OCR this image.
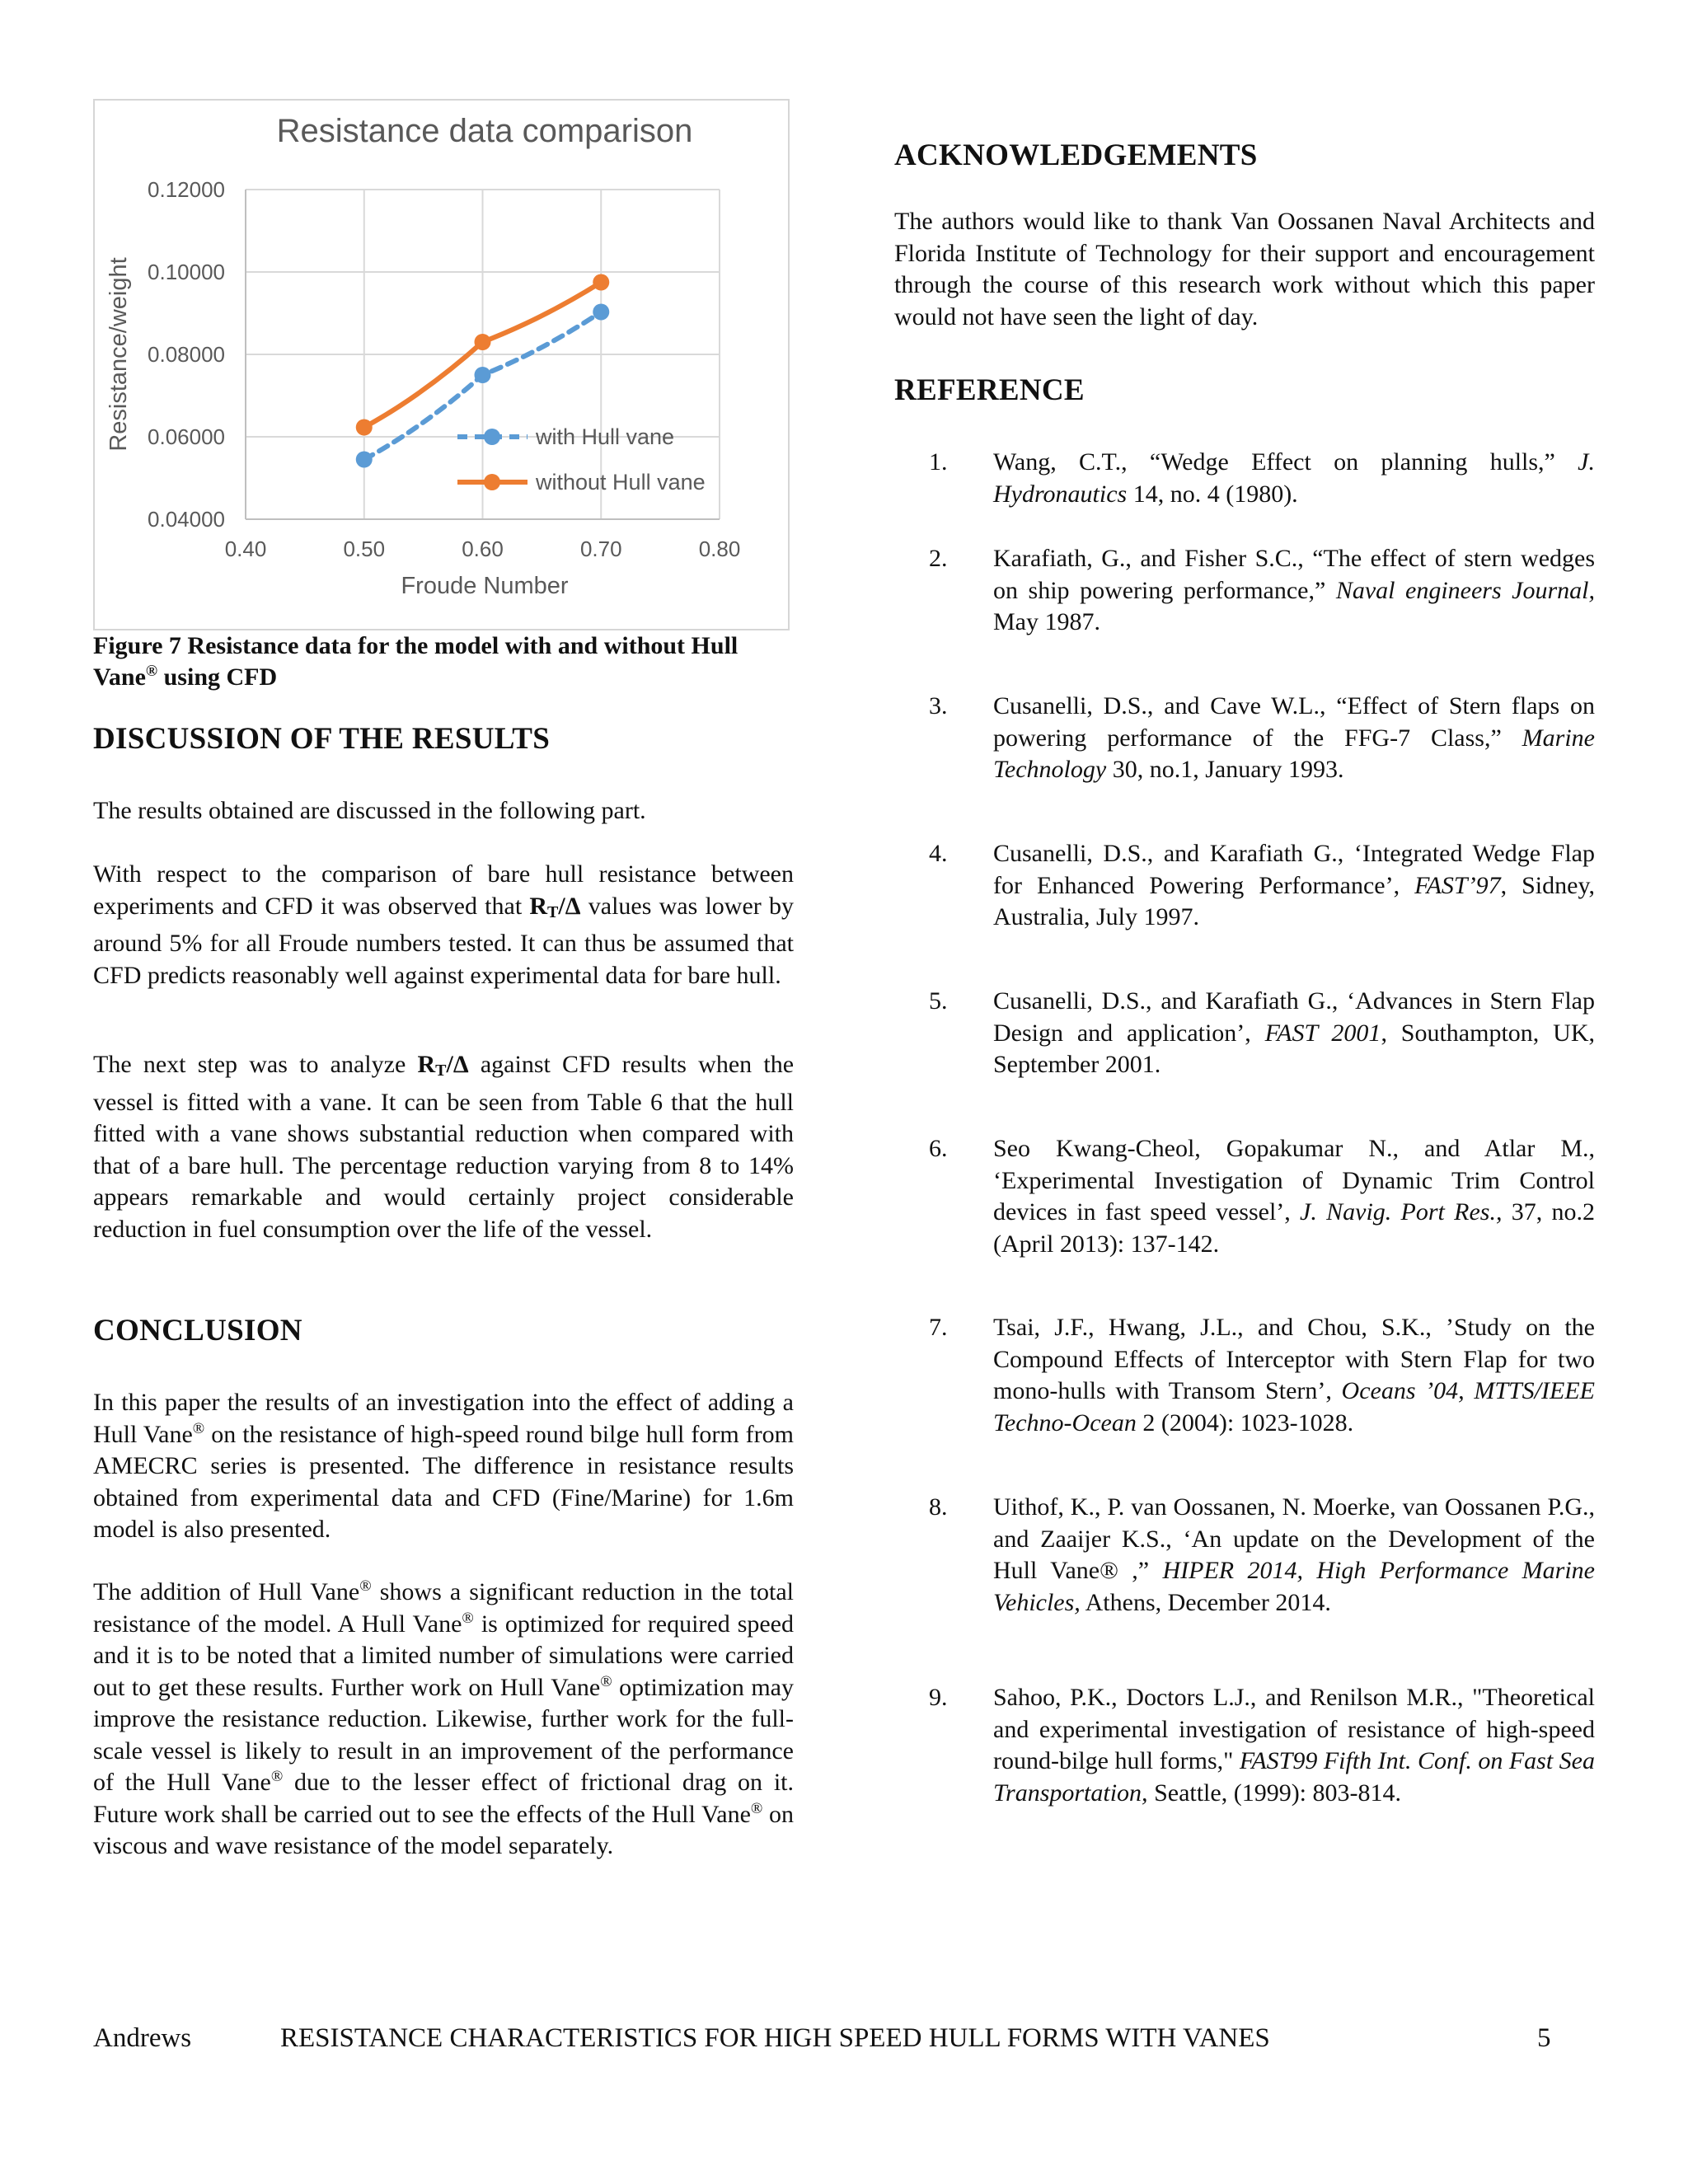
Resistance data comparison
0.04000
0.06000
0.08000
0.10000
0.12000
0.40	0.50	0.60	0.70	0.80
Froude Number
Resistance/weight	with Hull vane
without Hull vane
Figure 7 Resistance data for the model with and without Hull Vane® using CFD
DISCUSSION OF THE RESULTS

The results obtained are discussed in the following part.

With respect to the comparison of bare hull resistance between experiments and CFD it was observed that $R_T/\Delta$ values was lower by around 5% for all Froude numbers tested. It can thus be assumed that CFD predicts reasonably well against experimental data for bare hull.

The next step was to analyze $R_T/\Delta$ against CFD results when the vessel is fitted with a vane. It can be seen from Table 6 that the hull fitted with a vane shows substantial reduction when compared with that of a bare hull. The percentage reduction varying from 8 to 14% appears remarkable and would certainly project considerable reduction in fuel consumption over the life of the vessel.

CONCLUSION

In this paper the results of an investigation into the effect of adding a Hull Vane® on the resistance of high-speed round bilge hull form from AMECRC series is presented. The difference in resistance results obtained from experimental data and CFD (Fine/Marine) for 1.6m model is also presented.

The addition of Hull Vane® shows a significant reduction in the total resistance of the model. A Hull Vane® is optimized for required speed and it is to be noted that a limited number of simulations were carried out to get these results. Further work on Hull Vane® optimization may improve the resistance reduction. Likewise, further work for the full-scale vessel is likely to result in an improvement of the performance of the Hull Vane® due to the lesser effect of frictional drag on it. Future work shall be carried out to see the effects of the Hull Vane® on viscous and wave resistance of the model separately.

ACKNOWLEDGEMENTS

The authors would like to thank Van Oossanen Naval Architects and Florida Institute of Technology for their support and encouragement through the course of this research work without which this paper would not have seen the light of day.

REFERENCE
1.	Wang, C.T., “Wedge Effect on planning hulls,” J. Hydronautics 14, no. 4 (1980).
2.	Karafiath, G., and Fisher S.C., “The effect of stern wedges on ship powering performance,” Naval engineers Journal, May 1987.
3.	Cusanelli, D.S., and Cave W.L., “Effect of Stern flaps on powering performance of the FFG-7 Class,” Marine Technology 30, no.1, January 1993.
4.	Cusanelli, D.S., and Karafiath G., ‘Integrated Wedge Flap for Enhanced Powering Performance’, FAST’97, Sidney, Australia, July 1997.
5.	Cusanelli, D.S., and Karafiath G., ‘Advances in Stern Flap Design and application’, FAST 2001, Southampton, UK, September 2001.
6.	Seo Kwang-Cheol, Gopakumar N., and Atlar M., ‘Experimental Investigation of Dynamic Trim Control devices in fast speed vessel’, J. Navig. Port Res., 37, no.2 (April 2013): 137-142.
7.	Tsai, J.F., Hwang, J.L., and Chou, S.K., ’Study on the Compound Effects of Interceptor with Stern Flap for two mono-hulls with Transom Stern’, Oceans ’04, MTTS/IEEE Techno-Ocean 2 (2004): 1023-1028.
8.	Uithof, K., P. van Oossanen, N. Moerke, van Oossanen P.G., and Zaaijer K.S., ‘An update on the Development of the Hull Vane® ,” HIPER 2014, High Performance Marine Vehicles, Athens, December 2014.
9.	Sahoo, P.K., Doctors L.J., and Renilson M.R., "Theoretical and experimental investigation of resistance of high-speed round-bilge hull forms," FAST99 Fifth Int. Conf. on Fast Sea Transportation, Seattle, (1999): 803-814.
Andrews	RESISTANCE CHARACTERISTICS FOR HIGH SPEED HULL FORMS WITH VANES	5
